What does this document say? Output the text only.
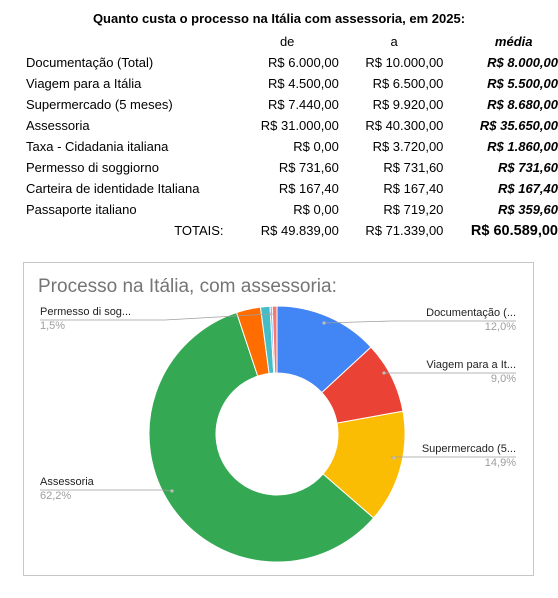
Quanto custa o processo na Itália com assessoria, em 2025:
	de	a	média
Documentação (Total)	R$ 6.000,00	R$ 10.000,00	R$ 8.000,00
Viagem para a Itália	R$ 4.500,00	R$ 6.500,00	R$ 5.500,00
Supermercado (5 meses)	R$ 7.440,00	R$ 9.920,00	R$ 8.680,00
Assessoria	R$ 31.000,00	R$ 40.300,00	R$ 35.650,00
Taxa - Cidadania italiana	R$ 0,00	R$ 3.720,00	R$ 1.860,00
Permesso di soggiorno	R$ 731,60	R$ 731,60	R$ 731,60
Carteira de identidade Italiana	R$ 167,40	R$ 167,40	R$ 167,40
Passaporte italiano	R$ 0,00	R$ 719,20	R$ 359,60
TOTAIS:	R$ 49.839,00	R$ 71.339,00	R$ 60.589,00
Processo na Itália, com assessoria:
Documentação (...
12,0%
Viagem para a It...
9,0%
Supermercado (5...
14,9%
Assessoria
62,2%
Permesso di sog...
1,5%
